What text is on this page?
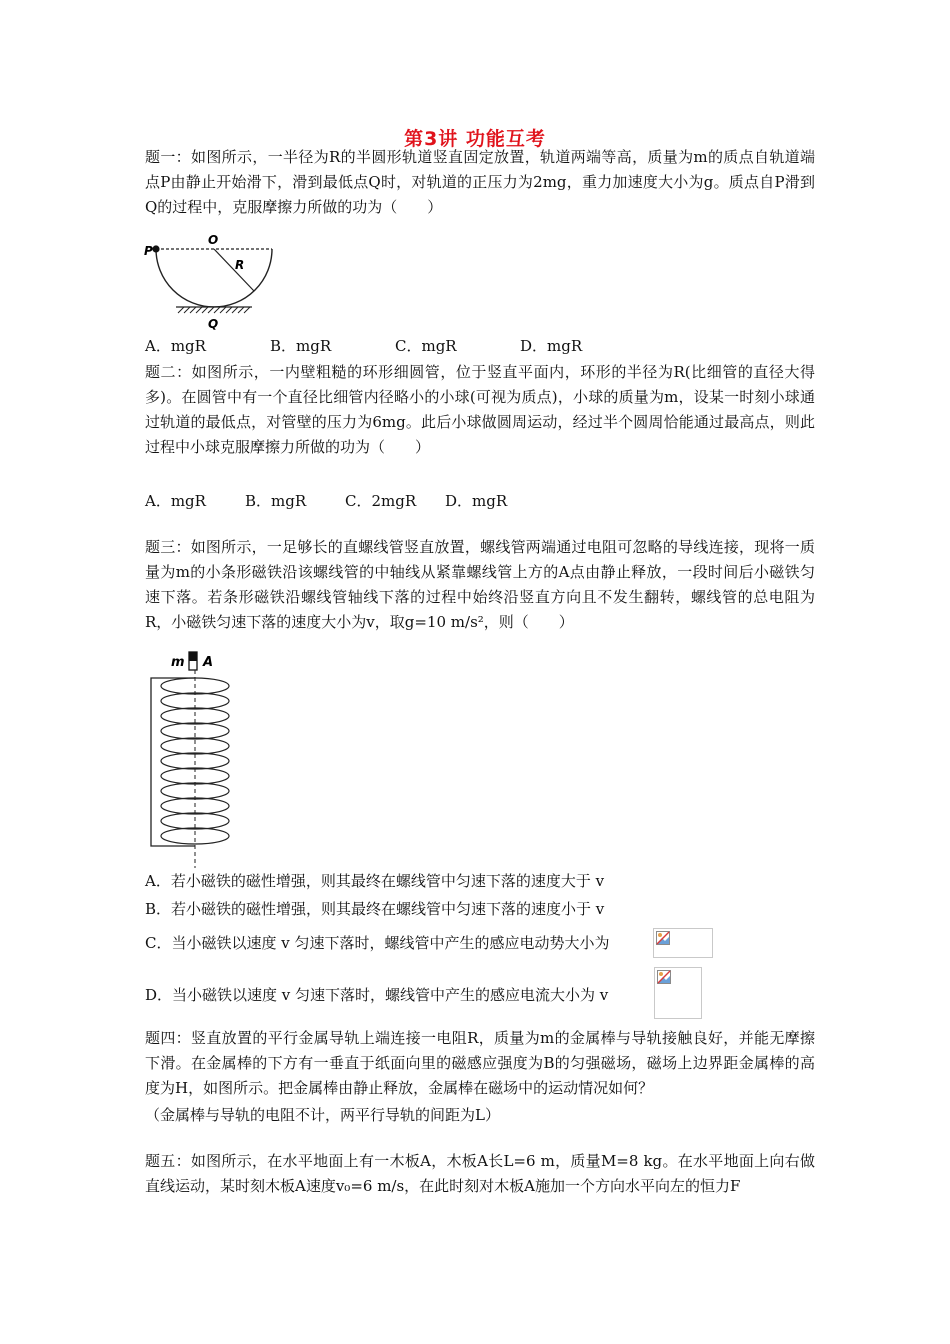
第3讲 功能互考
题一：如图所示，一半径为R的半圆形轨道竖直固定放置，轨道两端等高，质量为m的质点自轨道端点P由静止开始滑下，滑到最低点Q时，对轨道的正压力为2mg，重力加速度大小为g。质点自P滑到Q的过程中，克服摩擦力所做的功为（　　）
P
O
R
Q
A．mgR	B．mgR	C．mgR	D．mgR
题二：如图所示，一内壁粗糙的环形细圆管，位于竖直平面内，环形的半径为R(比细管的直径大得多)。在圆管中有一个直径比细管内径略小的小球(可视为质点)，小球的质量为m，设某一时刻小球通过轨道的最低点，对管壁的压力为6mg。此后小球做圆周运动，经过半个圆周恰能通过最高点，则此过程中小球克服摩擦力所做的功为（　　）
A．mgR	B．mgR	C．2mgR D．mgR
题三：如图所示，一足够长的直螺线管竖直放置，螺线管两端通过电阻可忽略的导线连接，现将一质量为m的小条形磁铁沿该螺线管的中轴线从紧靠螺线管上方的A点由静止释放，一段时间后小磁铁匀速下落。若条形磁铁沿螺线管轴线下落的过程中始终沿竖直方向且不发生翻转，螺线管的总电阻为R，小磁铁匀速下落的速度大小为v，取g=10 m/s²，则（　　）
m A
A．若小磁铁的磁性增强，则其最终在螺线管中匀速下落的速度大于 v
B．若小磁铁的磁性增强，则其最终在螺线管中匀速下落的速度小于 v
C．当小磁铁以速度 v 匀速下落时，螺线管中产生的感应电动势大小为
D．当小磁铁以速度 v 匀速下落时，螺线管中产生的感应电流大小为 v
题四：竖直放置的平行金属导轨上端连接一电阻R，质量为m的金属棒与导轨接触良好，并能无摩擦下滑。在金属棒的下方有一垂直于纸面向里的磁感应强度为B的匀强磁场，磁场上边界距金属棒的高度为H，如图所示。把金属棒由静止释放，金属棒在磁场中的运动情况如何？
（金属棒与导轨的电阻不计，两平行导轨的间距为L）
题五：如图所示，在水平地面上有一木板A，木板A长L=6 m，质量M=8 kg。在水平地面上向右做直线运动，某时刻木板A速度v₀=6 m/s，在此时刻对木板A施加一个方向水平向左的恒力F
